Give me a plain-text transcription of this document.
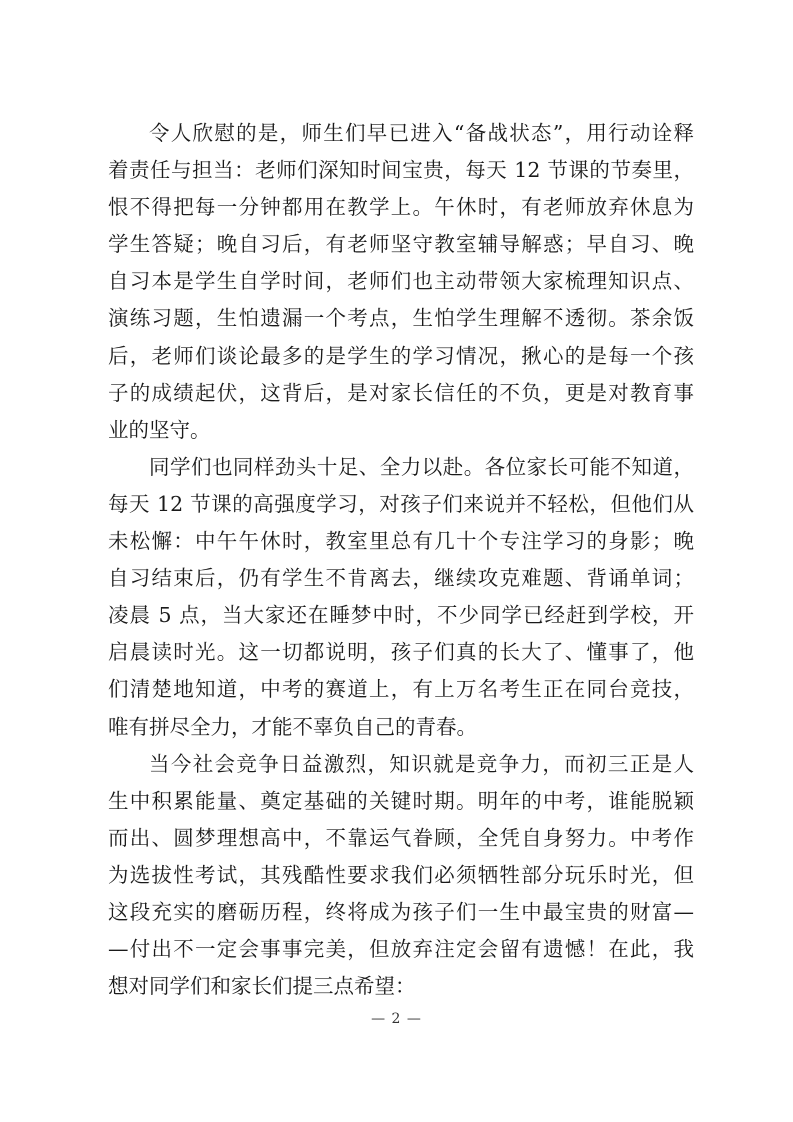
令人欣慰的是，师生们早已进入“备战状态”，用行动诠释
着责任与担当：老师们深知时间宝贵，每天 12 节课的节奏里，
恨不得把每一分钟都用在教学上。午休时，有老师放弃休息为
学生答疑；晚自习后，有老师坚守教室辅导解惑；早自习、晚
自习本是学生自学时间，老师们也主动带领大家梳理知识点、
演练习题，生怕遗漏一个考点，生怕学生理解不透彻。茶余饭
后，老师们谈论最多的是学生的学习情况，揪心的是每一个孩
子的成绩起伏，这背后，是对家长信任的不负，更是对教育事
业的坚守。
同学们也同样劲头十足、全力以赴。各位家长可能不知道，
每天 12 节课的高强度学习，对孩子们来说并不轻松，但他们从
未松懈：中午午休时，教室里总有几十个专注学习的身影；晚
自习结束后，仍有学生不肯离去，继续攻克难题、背诵单词；
凌晨 5 点，当大家还在睡梦中时，不少同学已经赶到学校，开
启晨读时光。这一切都说明，孩子们真的长大了、懂事了，他
们清楚地知道，中考的赛道上，有上万名考生正在同台竞技，
唯有拼尽全力，才能不辜负自己的青春。
当今社会竞争日益激烈，知识就是竞争力，而初三正是人
生中积累能量、奠定基础的关键时期。明年的中考，谁能脱颖
而出、圆梦理想高中，不靠运气眷顾，全凭自身努力。中考作
为选拔性考试，其残酷性要求我们必须牺牲部分玩乐时光，但
这段充实的磨砺历程，终将成为孩子们一生中最宝贵的财富—
—付出不一定会事事完美，但放弃注定会留有遗憾！在此，我
想对同学们和家长们提三点希望：
— 2 —
